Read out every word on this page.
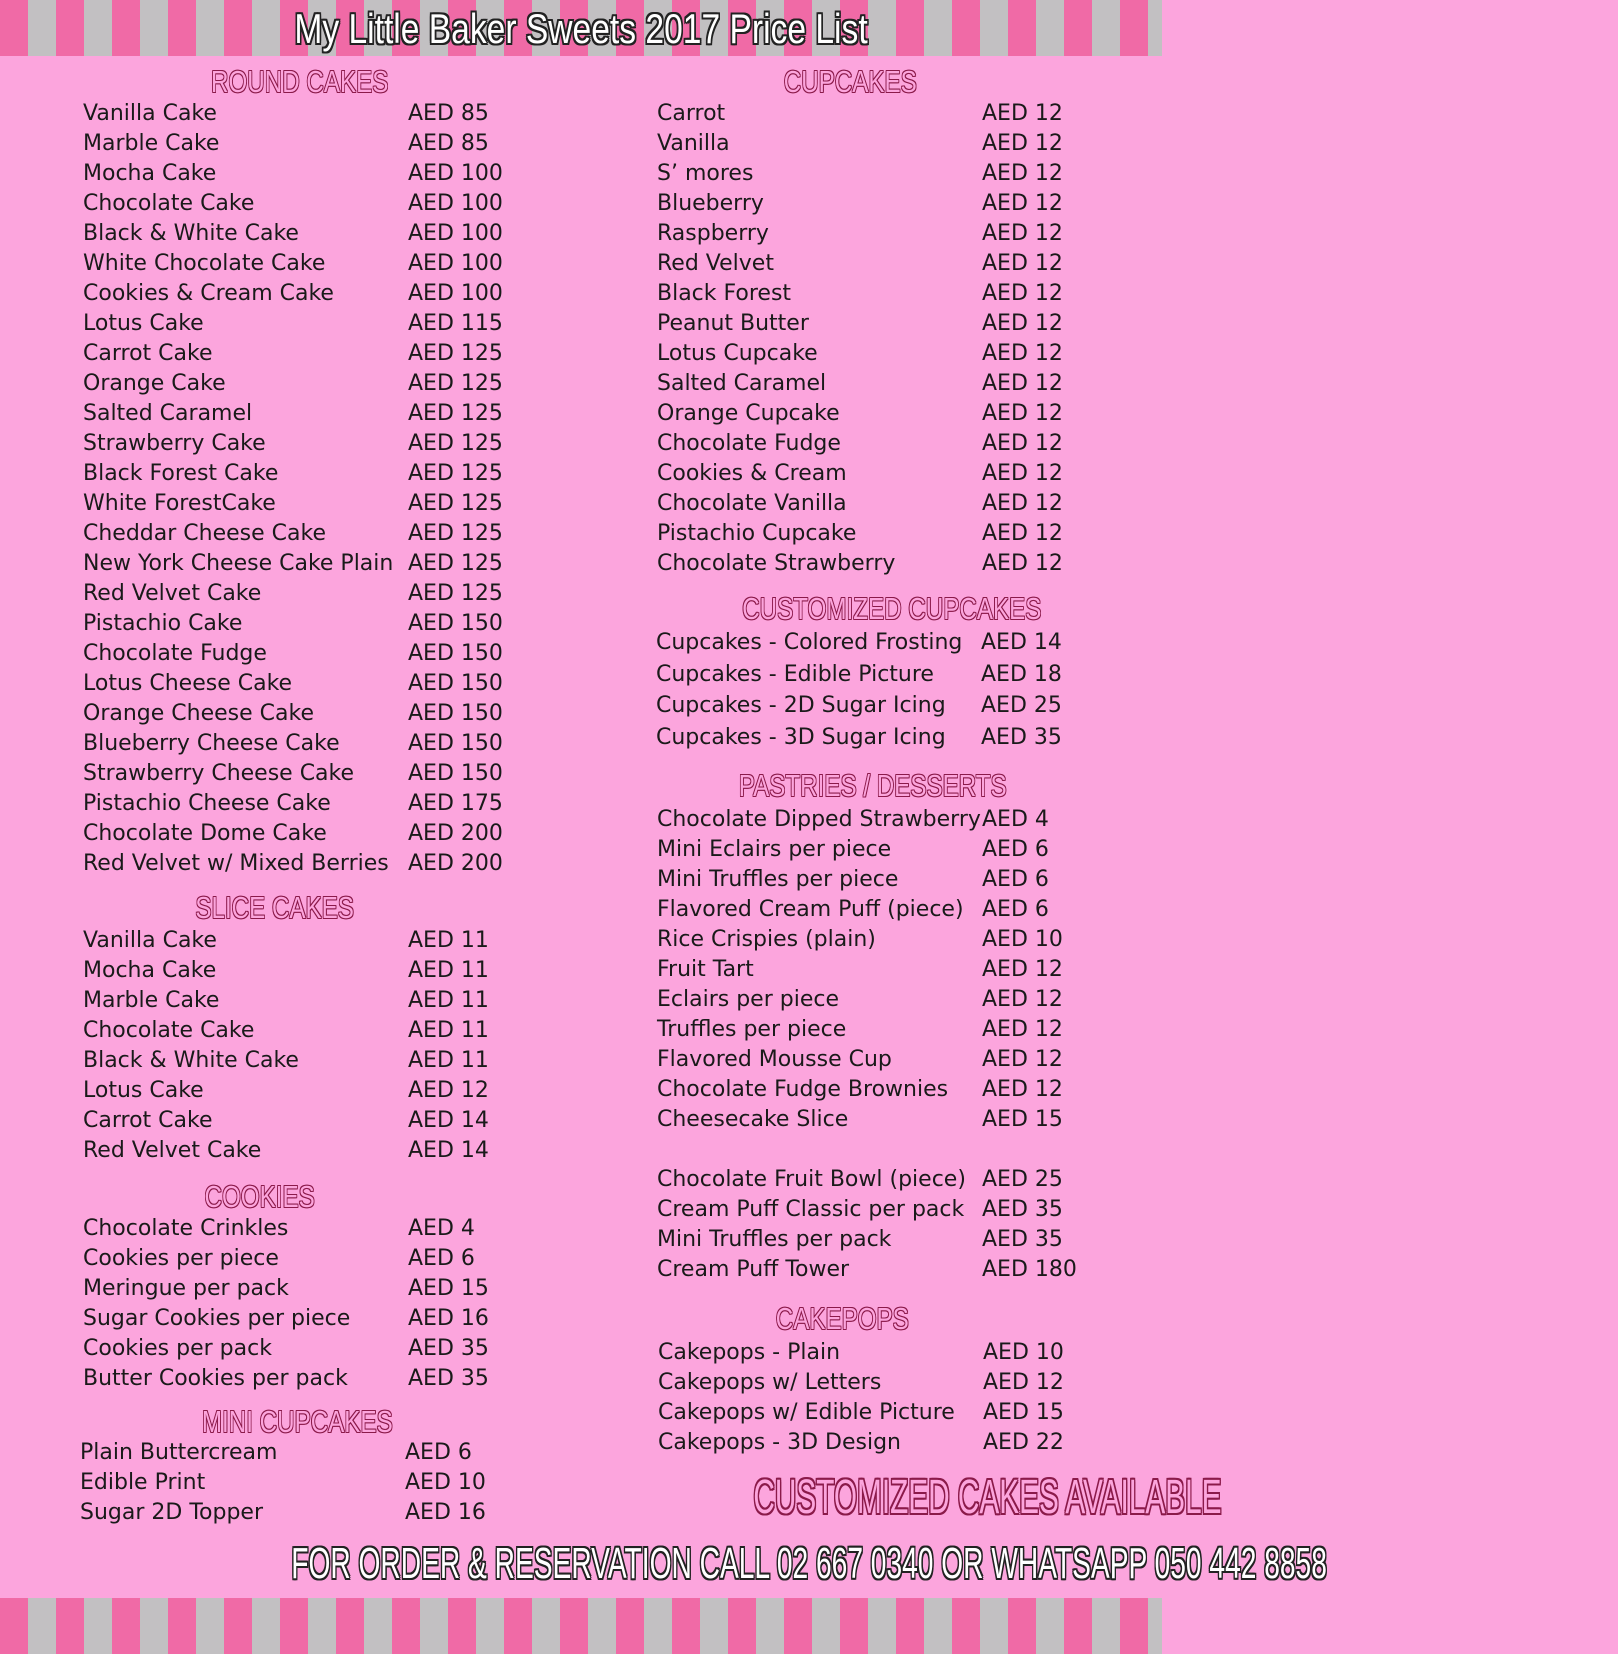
My Little Baker Sweets 2017 Price List
ROUND CAKES
Vanilla Cake	AED 85
Marble Cake	AED 85
Mocha Cake	AED 100
Chocolate Cake	AED 100
Black & White Cake	AED 100
White Chocolate Cake	AED 100
Cookies & Cream Cake	AED 100
Lotus Cake	AED 115
Carrot Cake	AED 125
Orange Cake	AED 125
Salted Caramel	AED 125
Strawberry Cake	AED 125
Black Forest Cake	AED 125
White ForestCake	AED 125
Cheddar Cheese Cake	AED 125
New York Cheese Cake Plain AED 125
Red Velvet Cake	AED 125
Pistachio Cake	AED 150
Chocolate Fudge	AED 150
Lotus Cheese Cake	AED 150
Orange Cheese Cake	AED 150
Blueberry Cheese Cake	AED 150
Strawberry Cheese Cake AED 150
Pistachio Cheese Cake	AED 175
Chocolate Dome Cake	AED 200
Red Velvet w/ Mixed Berries AED 200
SLICE CAKES
Vanilla Cake	AED 11
Mocha Cake	AED 11
Marble Cake	AED 11
Chocolate Cake	AED 11
Black & White Cake	AED 11
Lotus Cake	AED 12
Carrot Cake	AED 14
Red Velvet Cake	AED 14
COOKIES
Chocolate Crinkles	AED 4
Cookies per piece	AED 6
Meringue per pack	AED 15
Sugar Cookies per piece	AED 16
Cookies per pack	AED 35
Butter Cookies per pack	AED 35
MINI CUPCAKES
Plain Buttercream	AED 6
Edible Print	AED 10
Sugar 2D Topper	AED 16
CUPCAKES
Carrot	AED 12
Vanilla	AED 12
S’ mores	AED 12
Blueberry	AED 12
Raspberry	AED 12
Red Velvet	AED 12
Black Forest	AED 12
Peanut Butter	AED 12
Lotus Cupcake	AED 12
Salted Caramel	AED 12
Orange Cupcake	AED 12
Chocolate Fudge	AED 12
Cookies & Cream	AED 12
Chocolate Vanilla	AED 12
Pistachio Cupcake	AED 12
Chocolate Strawberry	AED 12
CUSTOMIZED CUPCAKES
Cupcakes - Colored Frosting AED 14
Cupcakes - Edible Picture AED 18
Cupcakes - 2D Sugar Icing AED 25
Cupcakes - 3D Sugar Icing AED 35
PASTRIES / DESSERTS
Chocolate Dipped Strawberry AED 4
Mini Eclairs per piece	AED 6
Mini Truffles per piece	AED 6
Flavored Cream Puff (piece) AED 6
Rice Crispies (plain)	AED 10
Fruit Tart	AED 12
Eclairs per piece	AED 12
Truffles per piece	AED 12
Flavored Mousse Cup	AED 12
Chocolate Fudge Brownies AED 12
Cheesecake Slice	AED 15
Chocolate Fruit Bowl (piece) AED 25
Cream Puff Classic per pack AED 35
Mini Truffles per pack	AED 35
Cream Puff Tower	AED 180
CAKEPOPS
Cakepops - Plain	AED 10
Cakepops w/ Letters	AED 12
Cakepops w/ Edible Picture AED 15
Cakepops - 3D Design	AED 22
CUSTOMIZED CAKES AVAILABLE
FOR ORDER & RESERVATION CALL 02 667 0340 OR WHATSAPP 050 442 8858
